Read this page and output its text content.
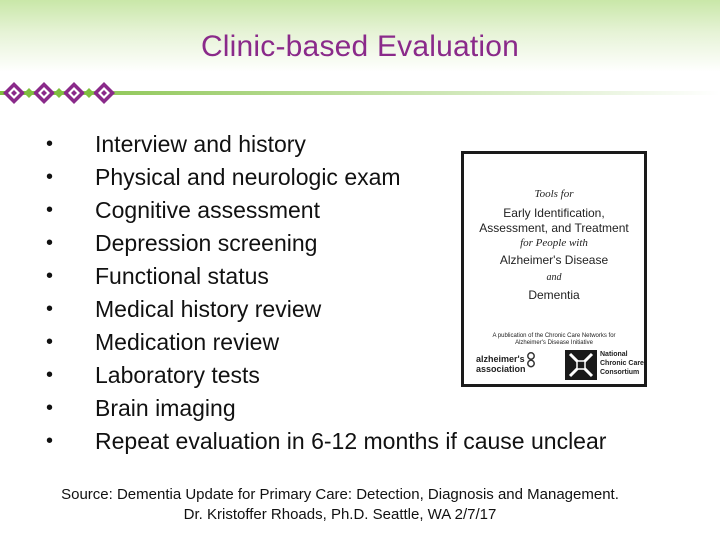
Clinic-based Evaluation
•	Interview and history
•	Physical and neurologic exam
•	Cognitive assessment
•	Depression screening
•	Functional status
•	Medical history review
•	Medication review
•	Laboratory tests
•	Brain imaging
•	Repeat evaluation in 6-12 months if cause unclear
Tools for
Early Identification,
Assessment, and Treatment
for People with
Alzheimer's Disease
and
Dementia
A publication of the Chronic Care Networks for Alzheimer's Disease Initiative
alzheimer's
association
National
Chronic Care
Consortium
Source: Dementia Update for Primary Care: Detection, Diagnosis and Management.
Dr. Kristoffer Rhoads, Ph.D. Seattle, WA 2/7/17
